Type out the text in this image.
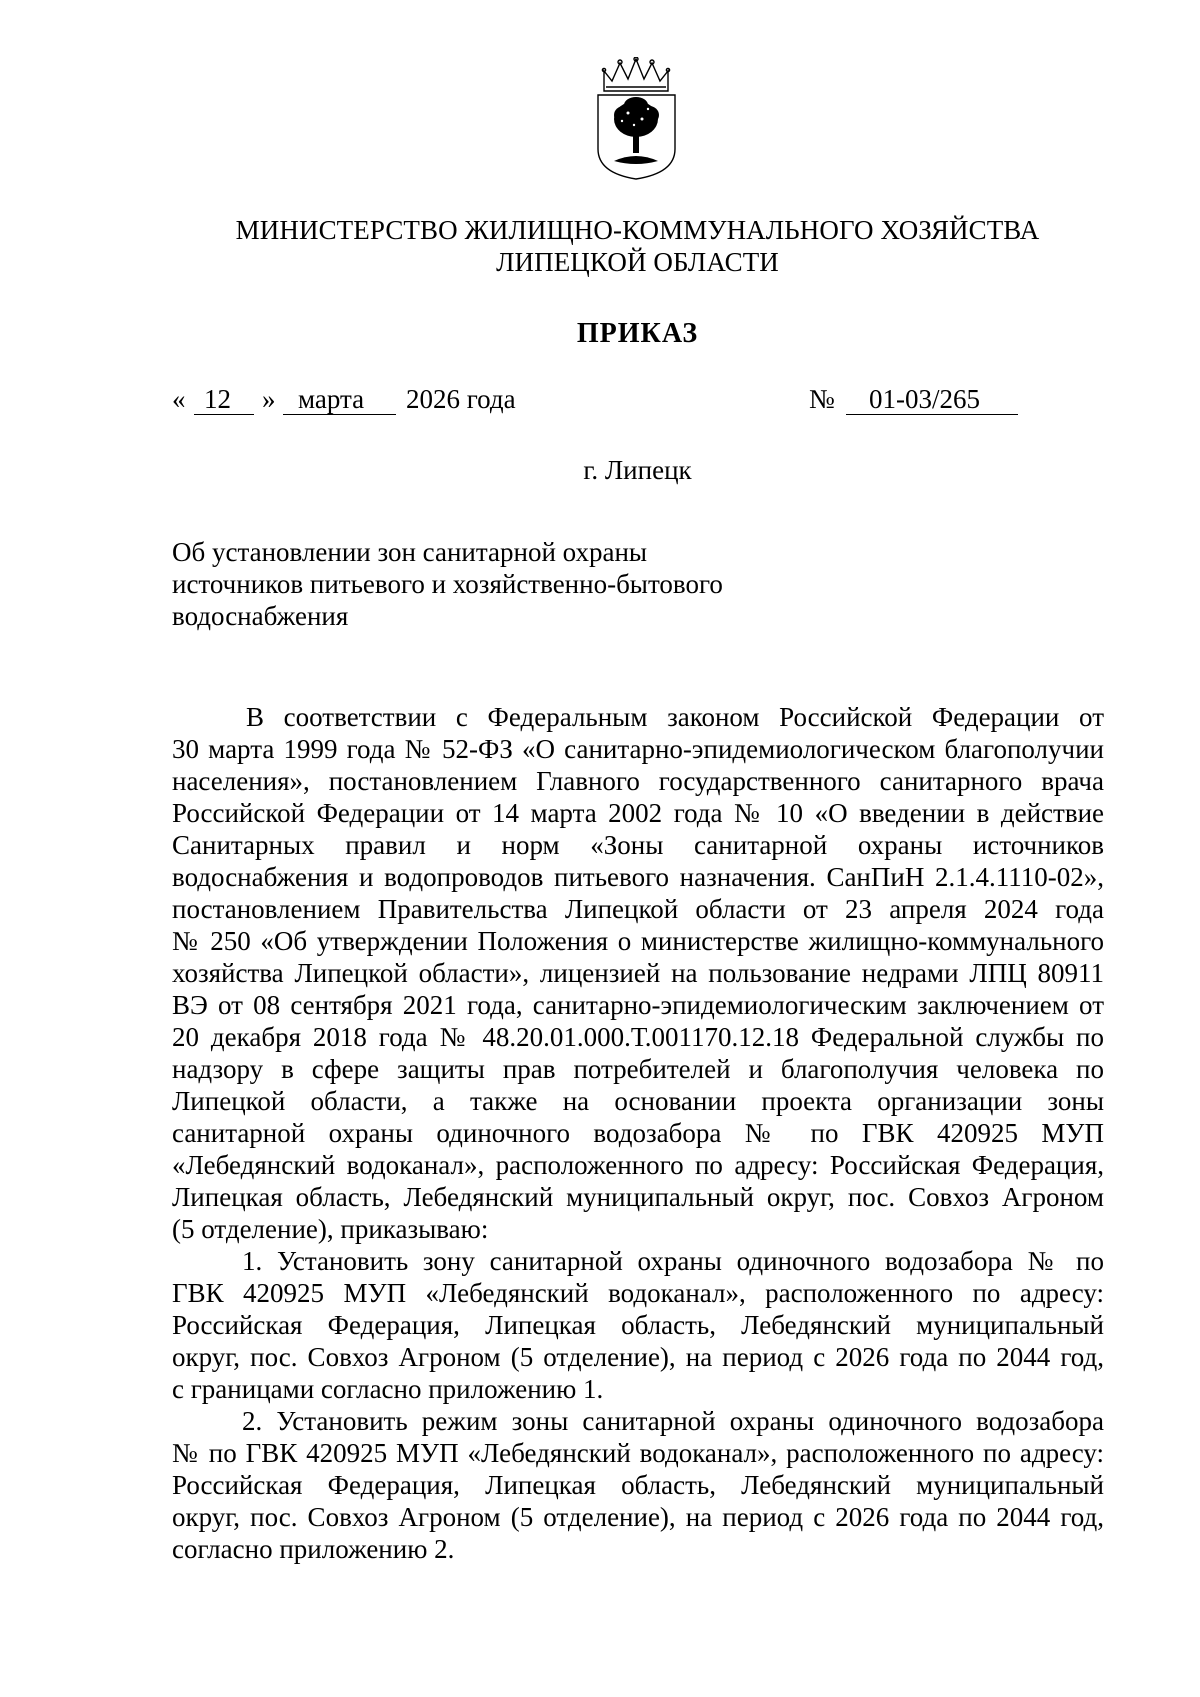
МИНИСТЕРСТВО ЖИЛИЩНО-КОММУНАЛЬНОГО ХОЗЯЙСТВА
ЛИПЕЦКОЙ ОБЛАСТИ
ПРИКАЗ
« 12 » марта 2026 года	№ 01-03/265
г. Липецк
Об установлении зон санитарной охраны
источников питьевого и хозяйственно-бытового
водоснабжения
В соответствии с Федеральным законом Российской Федерации от
30 марта 1999 года № 52-ФЗ «О санитарно-эпидемиологическом благополучии
населения», постановлением Главного государственного санитарного врача
Российской Федерации от 14 марта 2002 года № 10 «О введении в действие
Санитарных правил и норм «Зоны санитарной охраны источников
водоснабжения и водопроводов питьевого назначения. СанПиН 2.1.4.1110-02»,
постановлением Правительства Липецкой области от 23 апреля 2024 года
№ 250 «Об утверждении Положения о министерстве жилищно-коммунального
хозяйства Липецкой области», лицензией на пользование недрами ЛПЦ 80911
ВЭ от 08 сентября 2021 года, санитарно-эпидемиологическим заключением от
20 декабря 2018 года № 48.20.01.000.Т.001170.12.18 Федеральной службы по
надзору в сфере защиты прав потребителей и благополучия человека по
Липецкой области, а также на основании проекта организации зоны
санитарной охраны одиночного водозабора № по ГВК 420925 МУП
«Лебедянский водоканал», расположенного по адресу: Российская Федерация,
Липецкая область, Лебедянский муниципальный округ, пос. Совхоз Агроном
(5 отделение), приказываю:
1. Установить зону санитарной охраны одиночного водозабора № по
ГВК 420925 МУП «Лебедянский водоканал», расположенного по адресу:
Российская Федерация, Липецкая область, Лебедянский муниципальный
округ, пос. Совхоз Агроном (5 отделение), на период с 2026 года по 2044 год,
с границами согласно приложению 1.
2. Установить режим зоны санитарной охраны одиночного водозабора
№ по ГВК 420925 МУП «Лебедянский водоканал», расположенного по адресу:
Российская Федерация, Липецкая область, Лебедянский муниципальный
округ, пос. Совхоз Агроном (5 отделение), на период с 2026 года по 2044 год,
согласно приложению 2.
